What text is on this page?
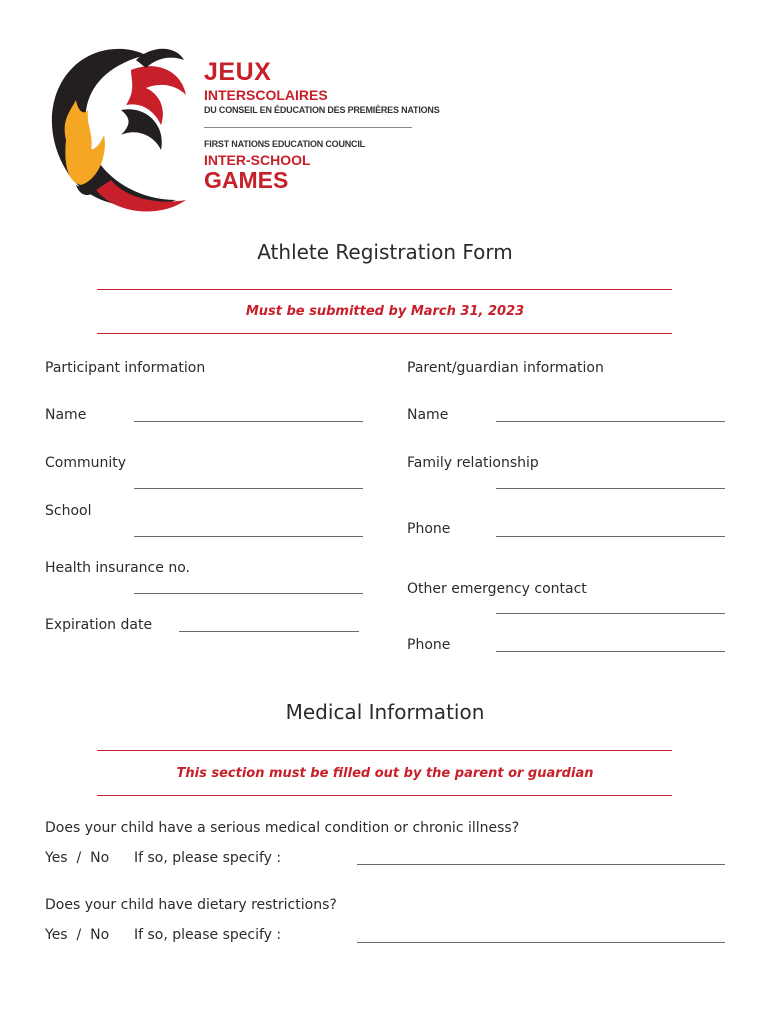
JEUX
INTERSCOLAIRES
DU CONSEIL EN ÉDUCATION DES PREMIÈRES NATIONS
FIRST NATIONS EDUCATION COUNCIL
INTER-SCHOOL
GAMES
Athlete Registration Form
Must be submitted by March 31, 2023
Participant information
Name
Community
School
Health insurance no.
Expiration date
Parent/guardian information
Name
Family relationship
Phone
Other emergency contact
Phone
Medical Information
This section must be filled out by the parent or guardian
Does your child have a serious medical condition or chronic illness?
Yes  /  No If so, please specify :
Does your child have dietary restrictions?
Yes  /  No If so, please specify :
